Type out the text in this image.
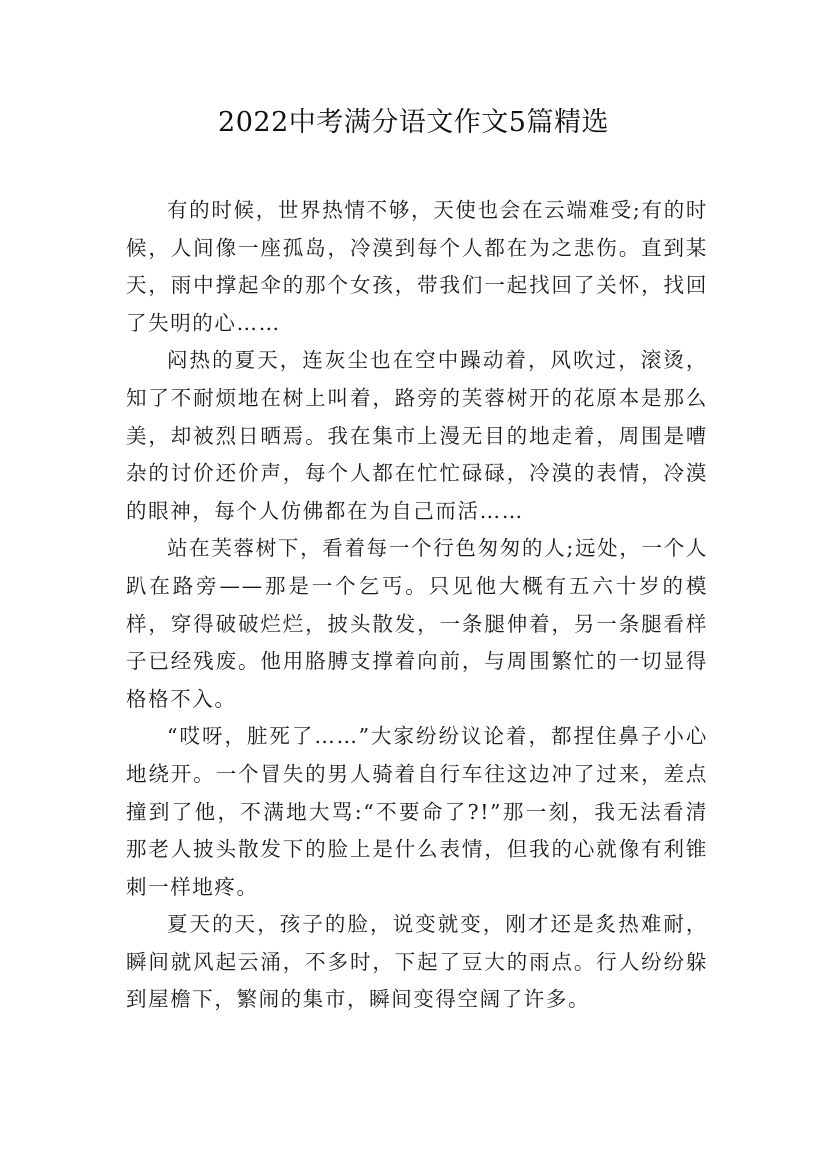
2022中考满分语文作文5篇精选

有的时候，世界热情不够，天使也会在云端难受;有的时候，人间像一座孤岛，冷漠到每个人都在为之悲伤。直到某天，雨中撑起伞的那个女孩，带我们一起找回了关怀，找回了失明的心……

闷热的夏天，连灰尘也在空中躁动着，风吹过，滚烫，知了不耐烦地在树上叫着，路旁的芙蓉树开的花原本是那么美，却被烈日晒焉。我在集市上漫无目的地走着，周围是嘈杂的讨价还价声，每个人都在忙忙碌碌，冷漠的表情，冷漠的眼神，每个人仿佛都在为自己而活……

站在芙蓉树下，看着每一个行色匆匆的人;远处，一个人趴在路旁——那是一个乞丐。只见他大概有五六十岁的模样，穿得破破烂烂，披头散发，一条腿伸着，另一条腿看样子已经残废。他用胳膊支撑着向前，与周围繁忙的一切显得格格不入。

“哎呀，脏死了……”大家纷纷议论着，都捏住鼻子小心地绕开。一个冒失的男人骑着自行车往这边冲了过来，差点撞到了他，不满地大骂:“不要命了?!”那一刻，我无法看清那老人披头散发下的脸上是什么表情，但我的心就像有利锥刺一样地疼。

夏天的天，孩子的脸，说变就变，刚才还是炙热难耐，瞬间就风起云涌，不多时，下起了豆大的雨点。行人纷纷躲到屋檐下，繁闹的集市，瞬间变得空阔了许多。
